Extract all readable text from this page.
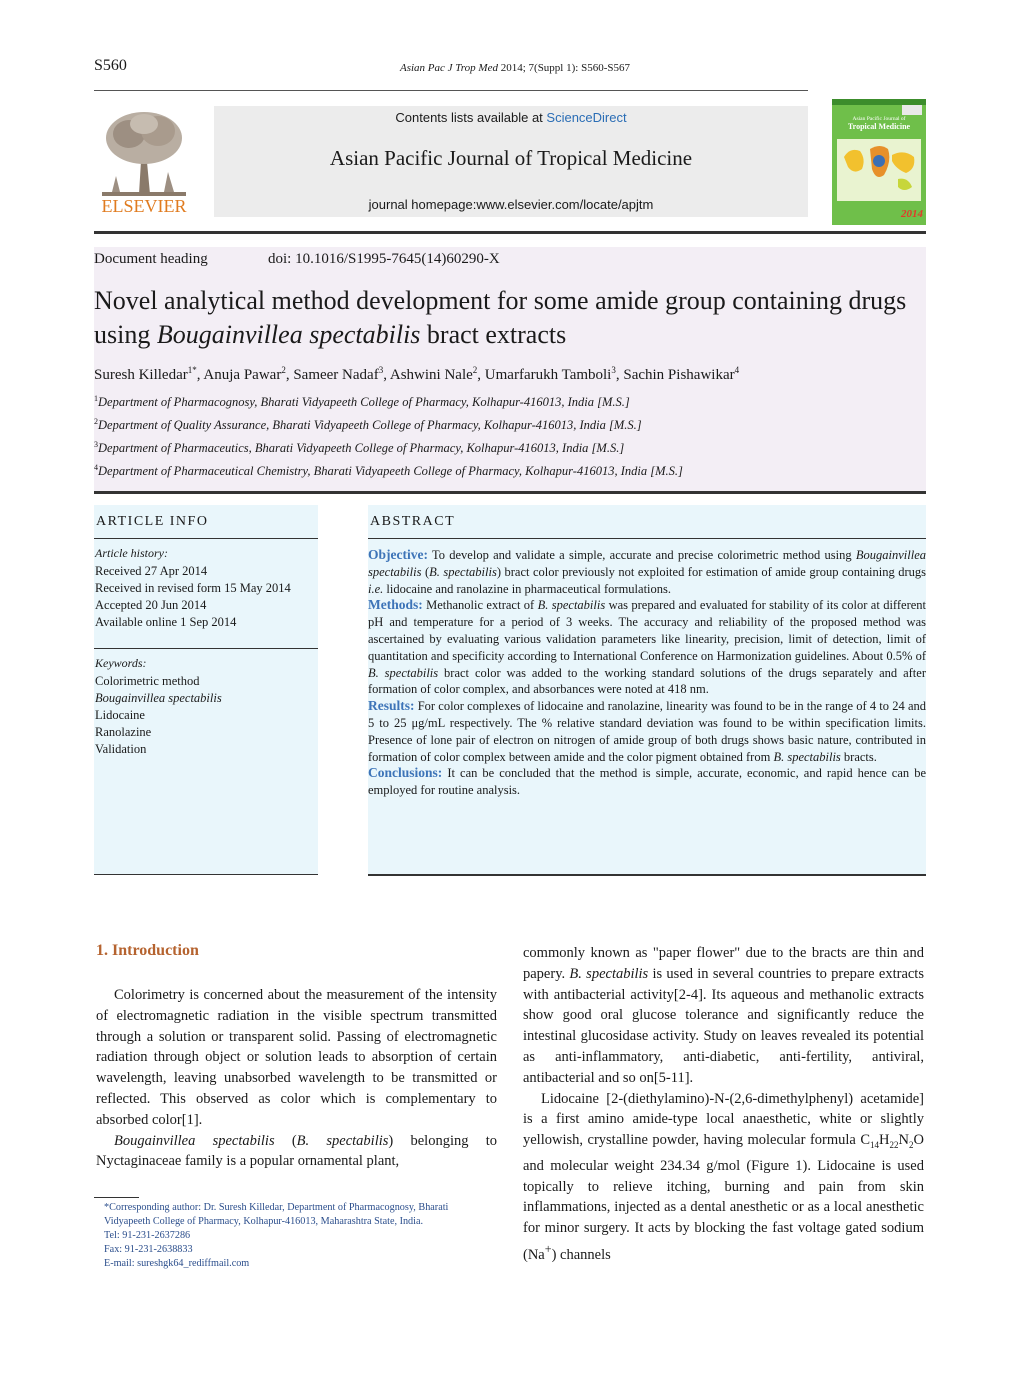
S560	Asian Pac J Trop Med 2014; 7(Suppl 1): S560-S567
ELSEVIER
Contents lists available at ScienceDirect
Asian Pacific Journal of Tropical Medicine
journal homepage:www.elsevier.com/locate/apjtm
Asian Pacific Journal of
Tropical Medicine
2014
Document heading	doi: 10.1016/S1995-7645(14)60290-X
Novel analytical method development for some amide group containing drugs using Bougainvillea spectabilis bract extracts
Suresh Killedar$^{1*}$, Anuja Pawar$^2$, Sameer Nadaf$^3$, Ashwini Nale$^2$, Umarfarukh Tamboli$^3$, Sachin Pishawikar$^4$
$^1$Department of Pharmacognosy, Bharati Vidyapeeth College of Pharmacy, Kolhapur-416013, India [M.S.]
$^2$Department of Quality Assurance, Bharati Vidyapeeth College of Pharmacy, Kolhapur-416013, India [M.S.]
$^3$Department of Pharmaceutics, Bharati Vidyapeeth College of Pharmacy, Kolhapur-416013, India [M.S.]
$^4$Department of Pharmaceutical Chemistry, Bharati Vidyapeeth College of Pharmacy, Kolhapur-416013, India [M.S.]
ARTICLE INFO	ABSTRACT
Article history:
Received 27 Apr 2014
Received in revised form 15 May 2014
Accepted 20 Jun 2014
Available online 1 Sep 2014
Keywords:
Colorimetric method
Bougainvillea spectabilis
Lidocaine
Ranolazine
Validation

Objective: To develop and validate a simple, accurate and precise colorimetric method using Bougainvillea spectabilis (B. spectabilis) bract color previously not exploited for estimation of amide group containing drugs i.e. lidocaine and ranolazine in pharmaceutical formulations.

Methods: Methanolic extract of B. spectabilis was prepared and evaluated for stability of its color at different pH and temperature for a period of 3 weeks. The accuracy and reliability of the proposed method was ascertained by evaluating various validation parameters like linearity, precision, limit of detection, limit of quantitation and specificity according to International Conference on Harmonization guidelines. About 0.5% of B. spectabilis bract color was added to the working standard solutions of the drugs separately and after formation of color complex, and absorbances were noted at 418 nm.

Results: For color complexes of lidocaine and ranolazine, linearity was found to be in the range of 4 to 24 and 5 to 25 μg/mL respectively. The % relative standard deviation was found to be within specification limits. Presence of lone pair of electron on nitrogen of amide group of both drugs shows basic nature, contributed in formation of color complex between amide and the color pigment obtained from B. spectabilis bracts.

Conclusions: It can be concluded that the method is simple, accurate, economic, and rapid hence can be employed for routine analysis.

1. Introduction

Colorimetry is concerned about the measurement of the intensity of electromagnetic radiation in the visible spectrum transmitted through a solution or transparent solid. Passing of electromagnetic radiation through object or solution leads to absorption of certain wavelength, leaving unabsorbed wavelength to be transmitted or reflected. This observed as color which is complementary to absorbed color[1].

Bougainvillea spectabilis (B. spectabilis) belonging to Nyctaginaceae family is a popular ornamental plant,

commonly known as "paper flower" due to the bracts are thin and papery. B. spectabilis is used in several countries to prepare extracts with antibacterial activity[2-4]. Its aqueous and methanolic extracts show good oral glucose tolerance and significantly reduce the intestinal glucosidase activity. Study on leaves revealed its potential as anti-inflammatory, anti-diabetic, anti-fertility, antiviral, antibacterial and so on[5-11].

Lidocaine [2-(diethylamino)-N-(2,6-dimethylphenyl) acetamide] is a first amino amide-type local anaesthetic, white or slightly yellowish, crystalline powder, having molecular formula $C_{14}H_{22}N_2O$ and molecular weight 234.34 g/mol (Figure 1). Lidocaine is used topically to relieve itching, burning and pain from skin inflammations, injected as a dental anesthetic or as a local anesthetic for minor surgery. It acts by blocking the fast voltage gated sodium (Na+) channels

*Corresponding author: Dr. Suresh Killedar, Department of Pharmacognosy, Bharati Vidyapeeth College of Pharmacy, Kolhapur-416013, Maharashtra State, India.

Tel: 91-231-2637286

Fax: 91-231-2638833

E-mail: sureshgk64_rediffmail.com
